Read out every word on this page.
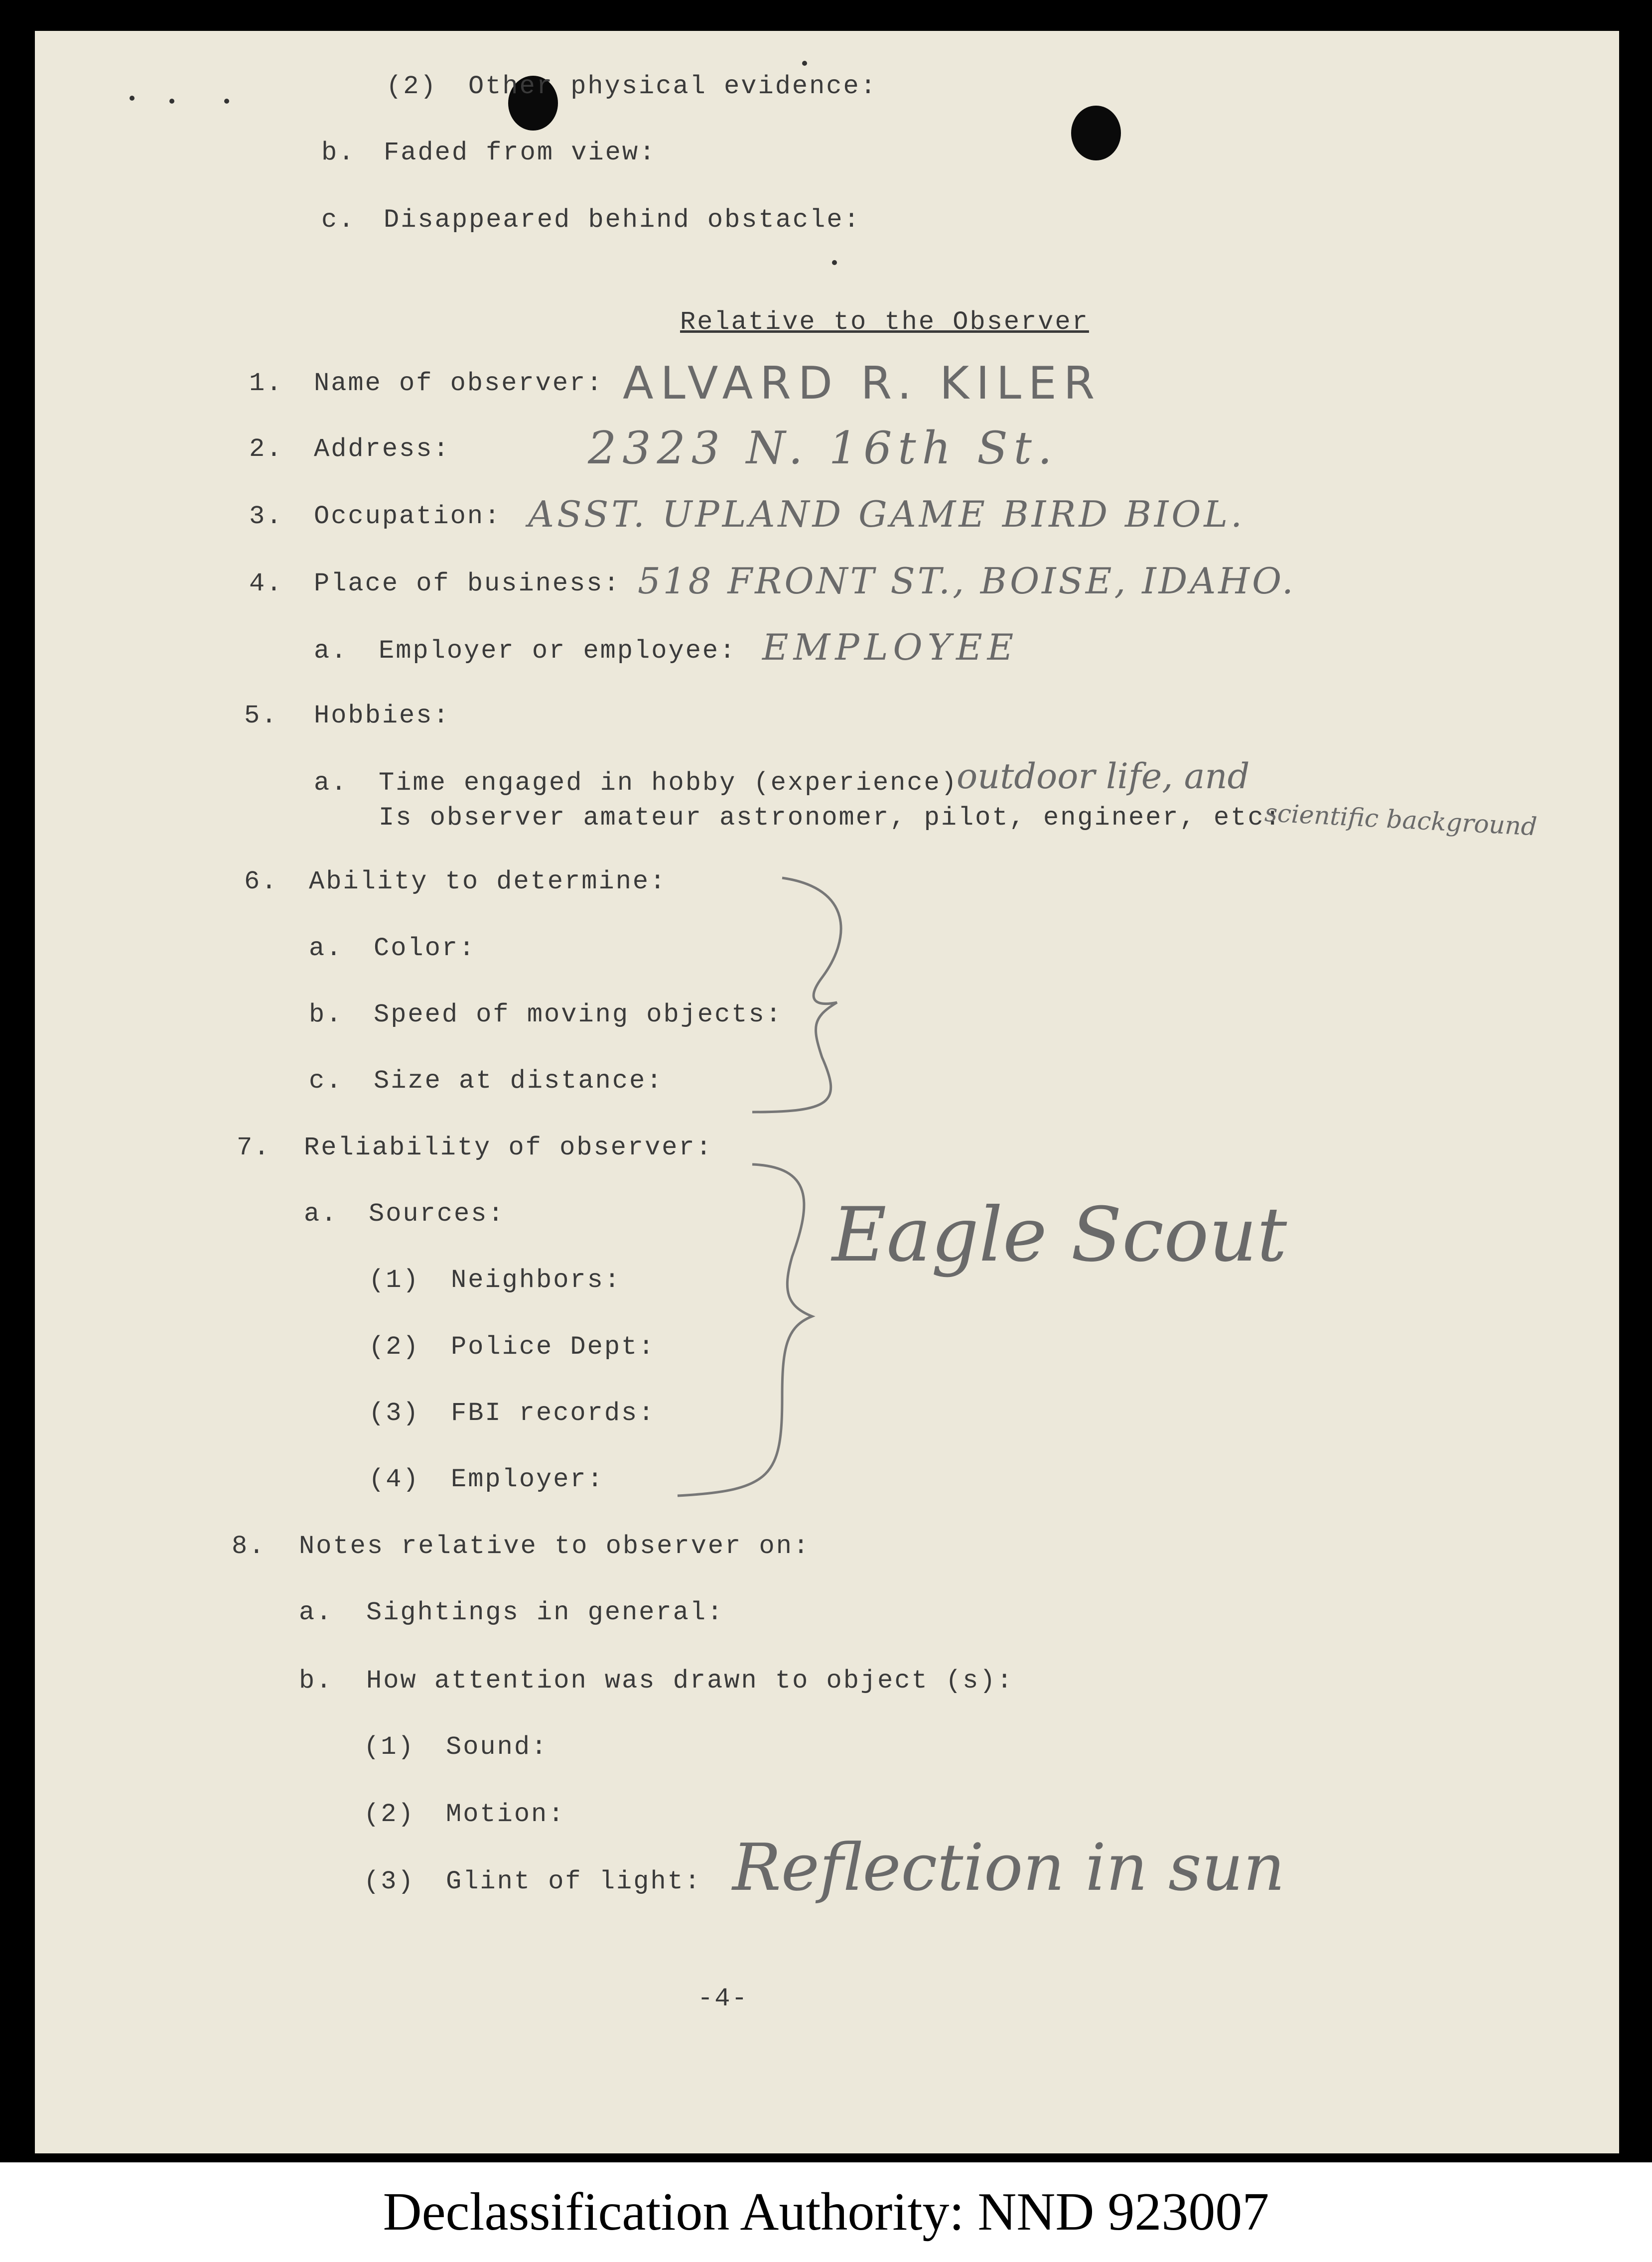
(2) Other physical evidence:
b. Faded from view:
c. Disappeared behind obstacle:
Relative to the Observer
1. Name of observer: ALVARD R. KILER
2. Address:	2323 N. 16th St.
3. Occupation: ASST. UPLAND GAME BIRD BIOL.
4. Place of business: 518 FRONT ST., BOISE, IDAHO.
a. Employer or employee: EMPLOYEE
5. Hobbies:
a. Time engaged in hobby (experience)
Is observer amateur astronomer, pilot, engineer, etc:
outdoor life, and
scientific background
6. Ability to determine:
a. Color:
b. Speed of moving objects:
c. Size at distance:
7. Reliability of observer:
a. Sources:
(1) Neighbors:
(2) Police Dept:
(3) FBI records:
(4) Employer:
Eagle Scout
8. Notes relative to observer on:
a. Sightings in general:
b. How attention was drawn to object (s):
(1) Sound:
(2) Motion:
(3) Glint of light: Reflection in sun
-4-
Declassification Authority: NND 923007
